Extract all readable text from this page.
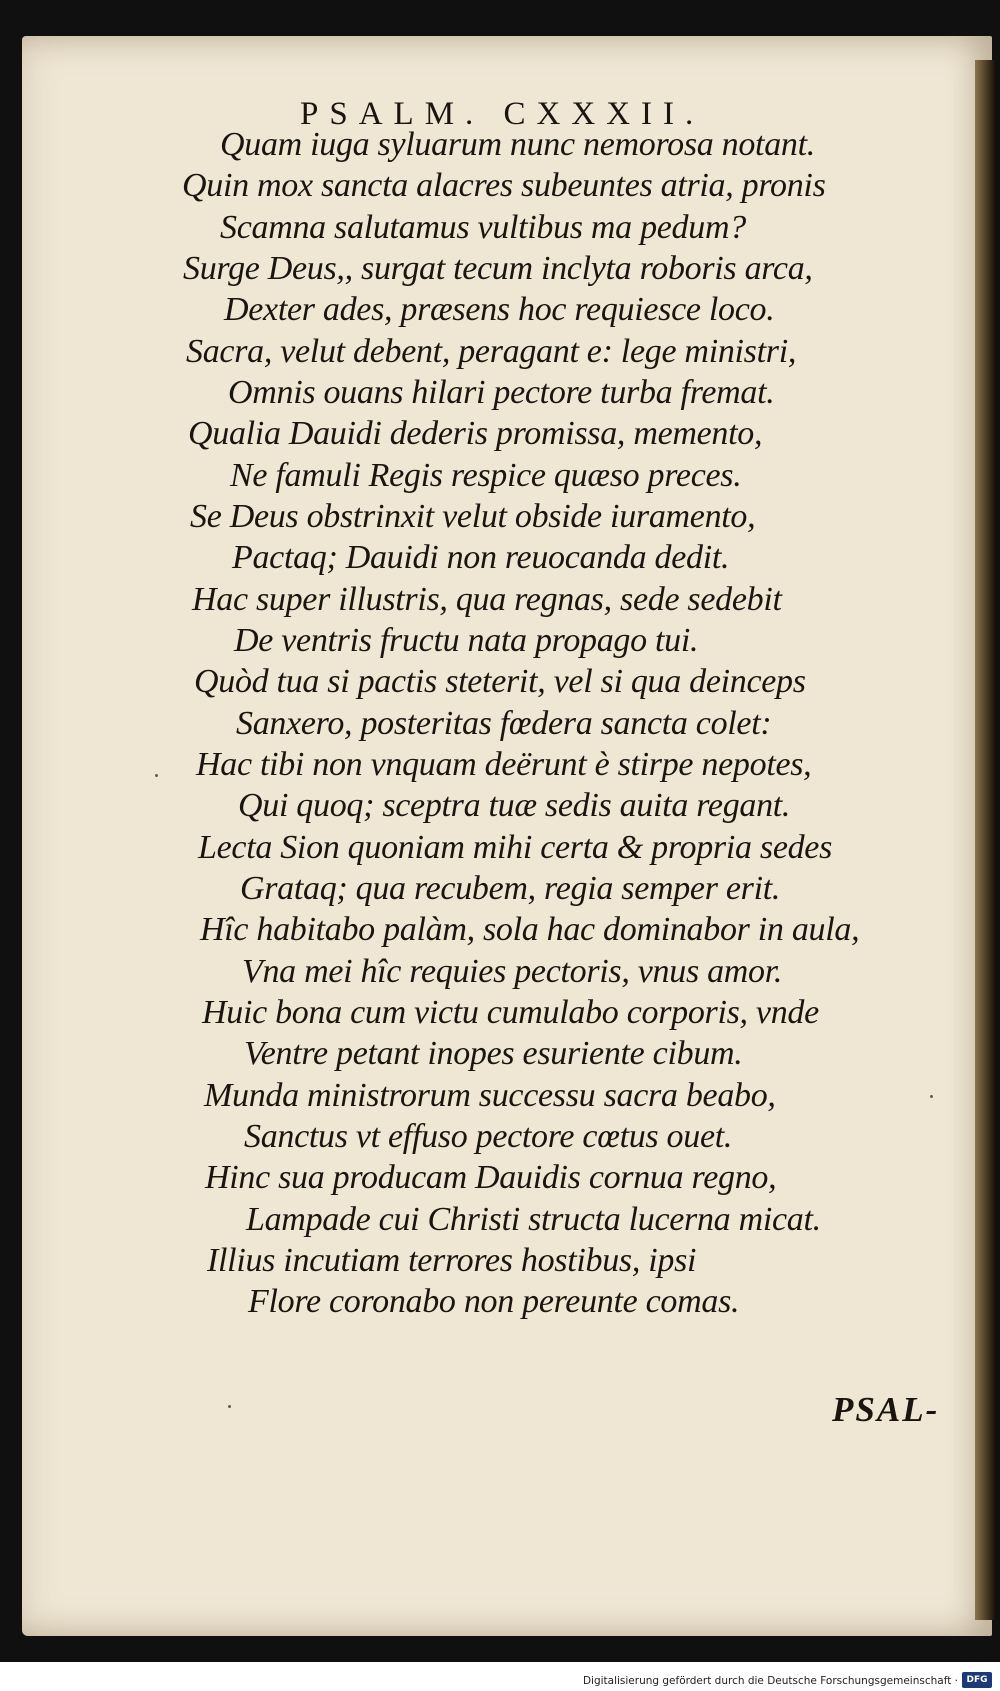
PSALM. CXXXII.
Quam iuga syluarum nunc nemorosa notant.
Quin mox sancta alacres subeuntes atria, pronis
Scamna salutamus vultibus ma pedum?
Surge Deus,, surgat tecum inclyta roboris arca,
Dexter ades, præsens hoc requiesce loco.
Sacra, velut debent, peragant e: lege ministri,
Omnis ouans hilari pectore turba fremat.
Qualia Dauidi dederis promissa, memento,
Ne famuli Regis respice quæso preces.
Se Deus obstrinxit velut obside iuramento,
Pactaq; Dauidi non reuocanda dedit.
Hac super illustris, qua regnas, sede sedebit
De ventris fructu nata propago tui.
Quòd tua si pactis steterit, vel si qua deinceps
Sanxero, posteritas fœdera sancta colet:
Hac tibi non vnquam deërunt è stirpe nepotes,
Qui quoq; sceptra tuæ sedis auita regant.
Lecta Sion quoniam mihi certa & propria sedes
Grataq; qua recubem, regia semper erit.
Hîc habitabo palàm, sola hac dominabor in aula,
Vna mei hîc requies pectoris, vnus amor.
Huic bona cum victu cumulabo corporis, vnde
Ventre petant inopes esuriente cibum.
Munda ministrorum successu sacra beabo,
Sanctus vt effuso pectore cœtus ouet.
Hinc sua producam Dauidis cornua regno,
Lampade cui Christi structa lucerna micat.
Illius incutiam terrores hostibus, ipsi
Flore coronabo non pereunte comas.
PSAL-
Digitalisierung gefördert durch die Deutsche Forschungsgemeinschaft · DFG
